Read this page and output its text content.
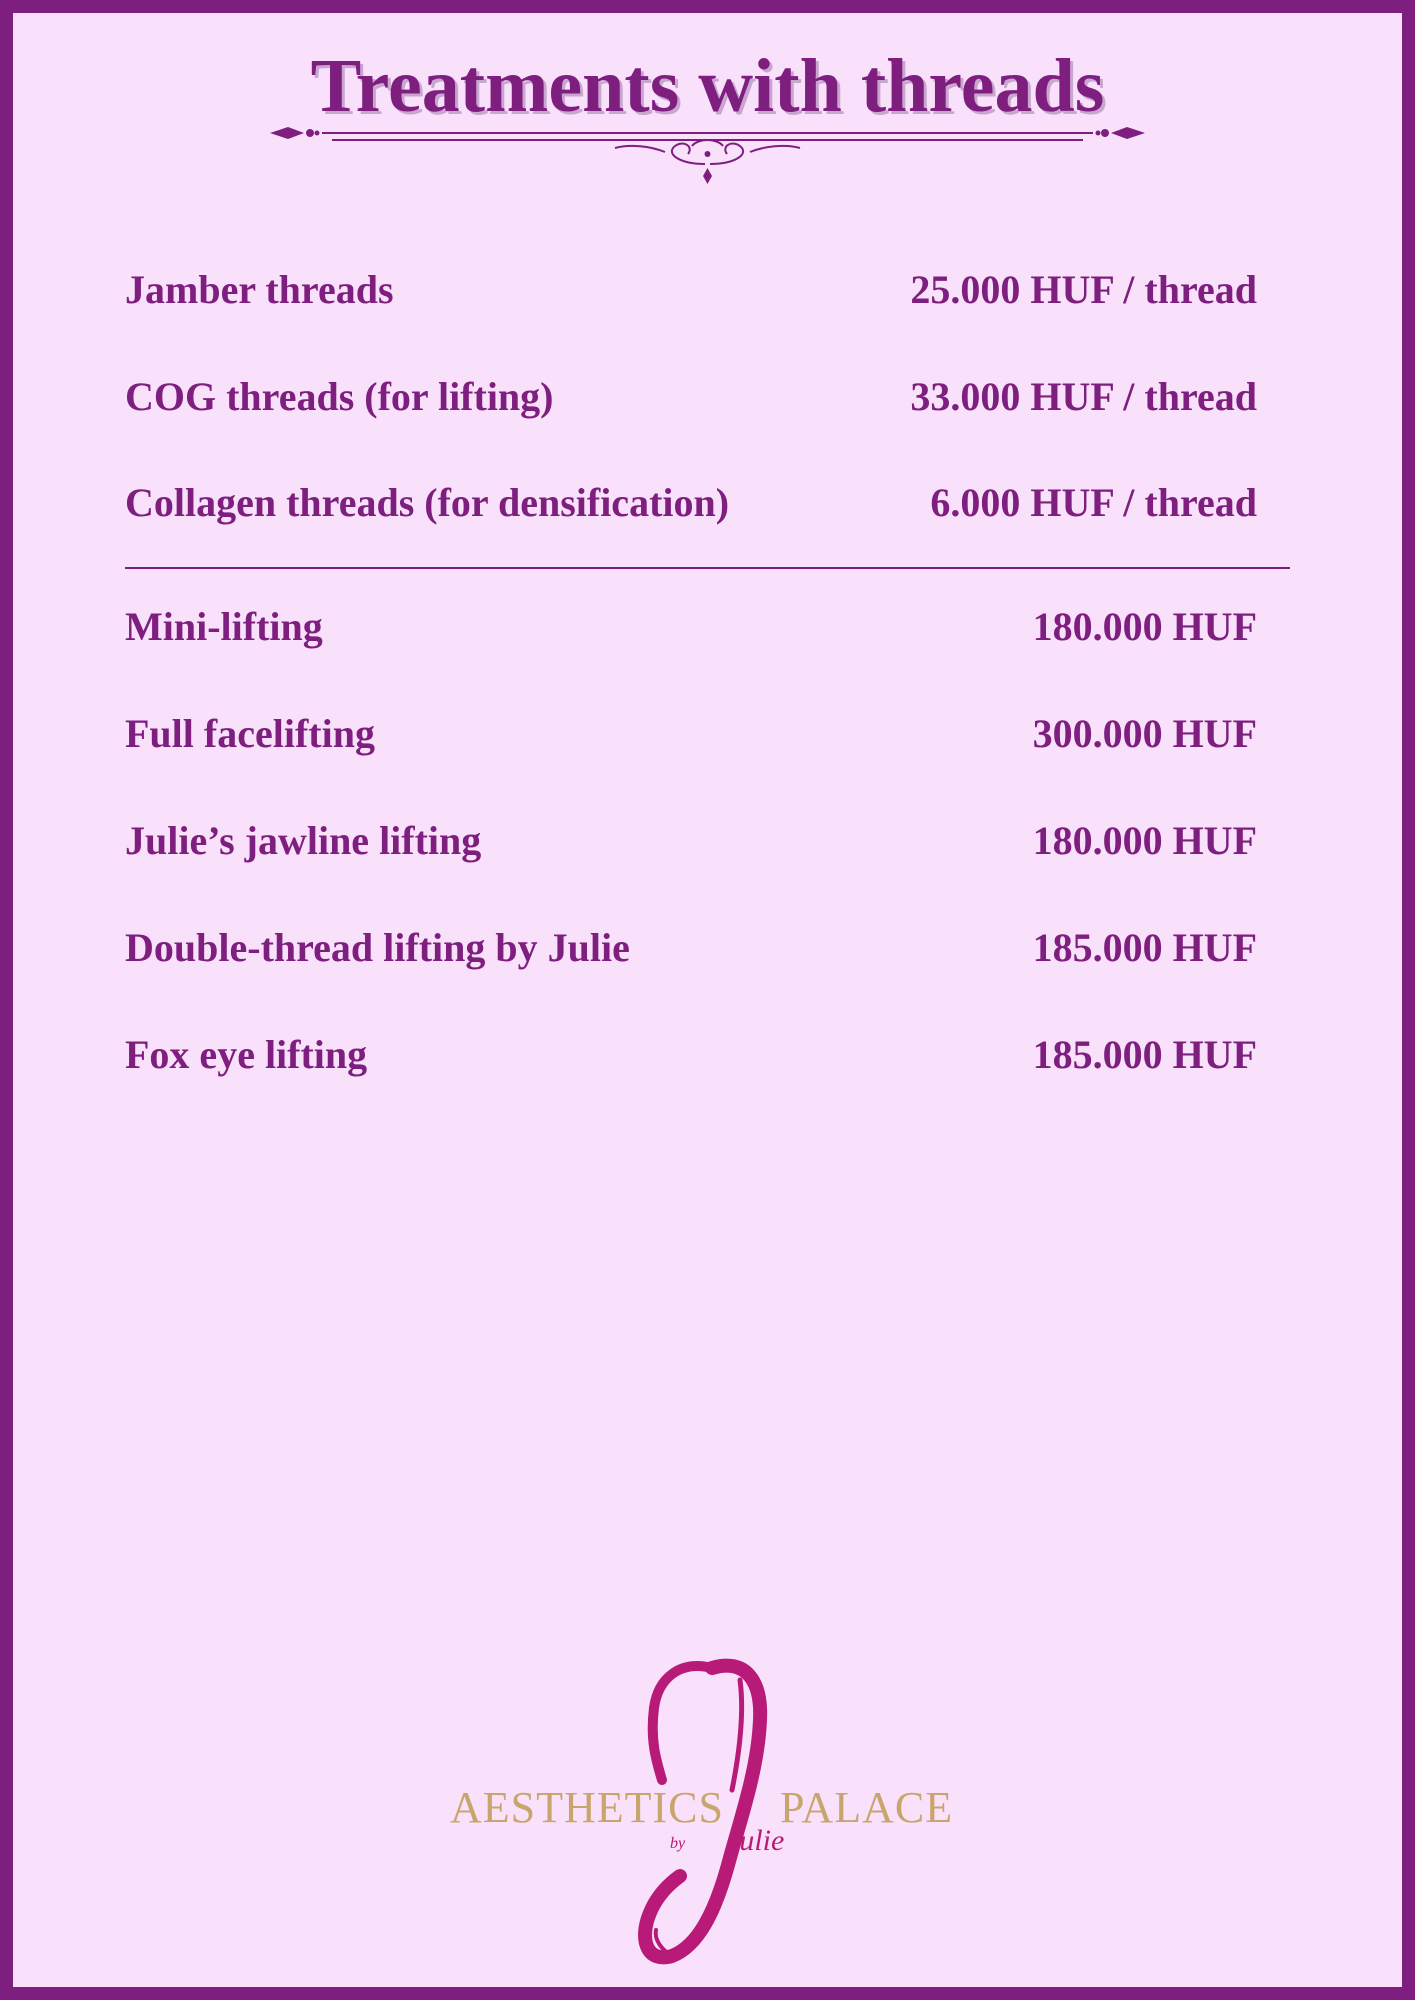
Treatments with threads
Jamber threads	25.000 HUF / thread
COG threads (for lifting)	33.000 HUF / thread
Collagen threads (for densification)	6.000 HUF / thread
Mini-lifting	180.000 HUF
Full facelifting	300.000 HUF
Julie’s jawline lifting	180.000 HUF
Double-thread lifting by Julie	185.000 HUF
Fox eye lifting	185.000 HUF
AESTHETICS PALACE
by Julie
